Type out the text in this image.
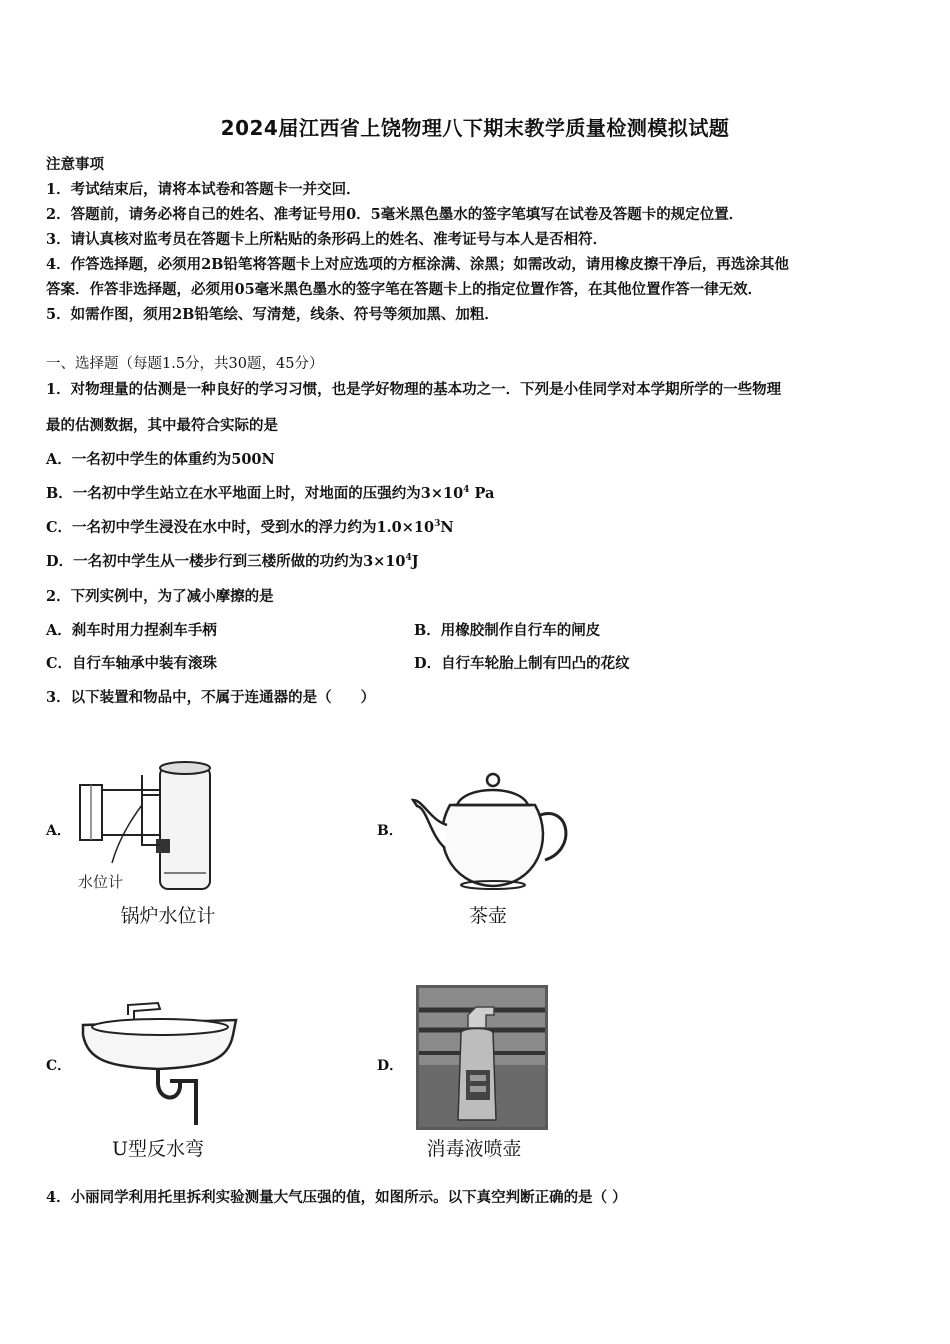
2024届江西省上饶物理八下期末教学质量检测模拟试题
注意事项
1．考试结束后，请将本试卷和答题卡一并交回．
2．答题前，请务必将自己的姓名、准考证号用0．5毫米黑色墨水的签字笔填写在试卷及答题卡的规定位置．
3．请认真核对监考员在答题卡上所粘贴的条形码上的姓名、准考证号与本人是否相符．
4．作答选择题，必须用2B铅笔将答题卡上对应选项的方框涂满、涂黑；如需改动，请用橡皮擦干净后，再选涂其他
答案．作答非选择题，必须用05毫米黑色墨水的签字笔在答题卡上的指定位置作答，在其他位置作答一律无效．
5．如需作图，须用2B铅笔绘、写清楚，线条、符号等须加黑、加粗．
一、选择题（每题1.5分，共30题，45分）
1．对物理量的估测是一种良好的学习习惯，也是学好物理的基本功之一．下列是小佳同学对本学期所学的一些物理
最的估测数据，其中最符合实际的是
A．一名初中学生的体重约为500N
B．一名初中学生站立在水平地面上时，对地面的压强约为$3\times 10^4$ Pa
C．一名初中学生浸没在水中时，受到水的浮力约为$1.0\times 10^3N$
D．一名初中学生从一楼步行到三楼所做的功约为$3\times 10^4J$
2．下列实例中，为了减小摩擦的是
A．刹车时用力捏刹车手柄	B．用橡胶制作自行车的闸皮
C．自行车轴承中装有滚珠	D．自行车轮胎上制有凹凸的花纹
3．以下装置和物品中，不属于连通器的是（　　）
A．
水位计
锅炉水位计
B．
茶壶
C．
U型反水弯
D．
消毒液喷壶
4．小丽同学利用托里拆利实验测量大气压强的值，如图所示。以下真空判断正确的是（ ）
